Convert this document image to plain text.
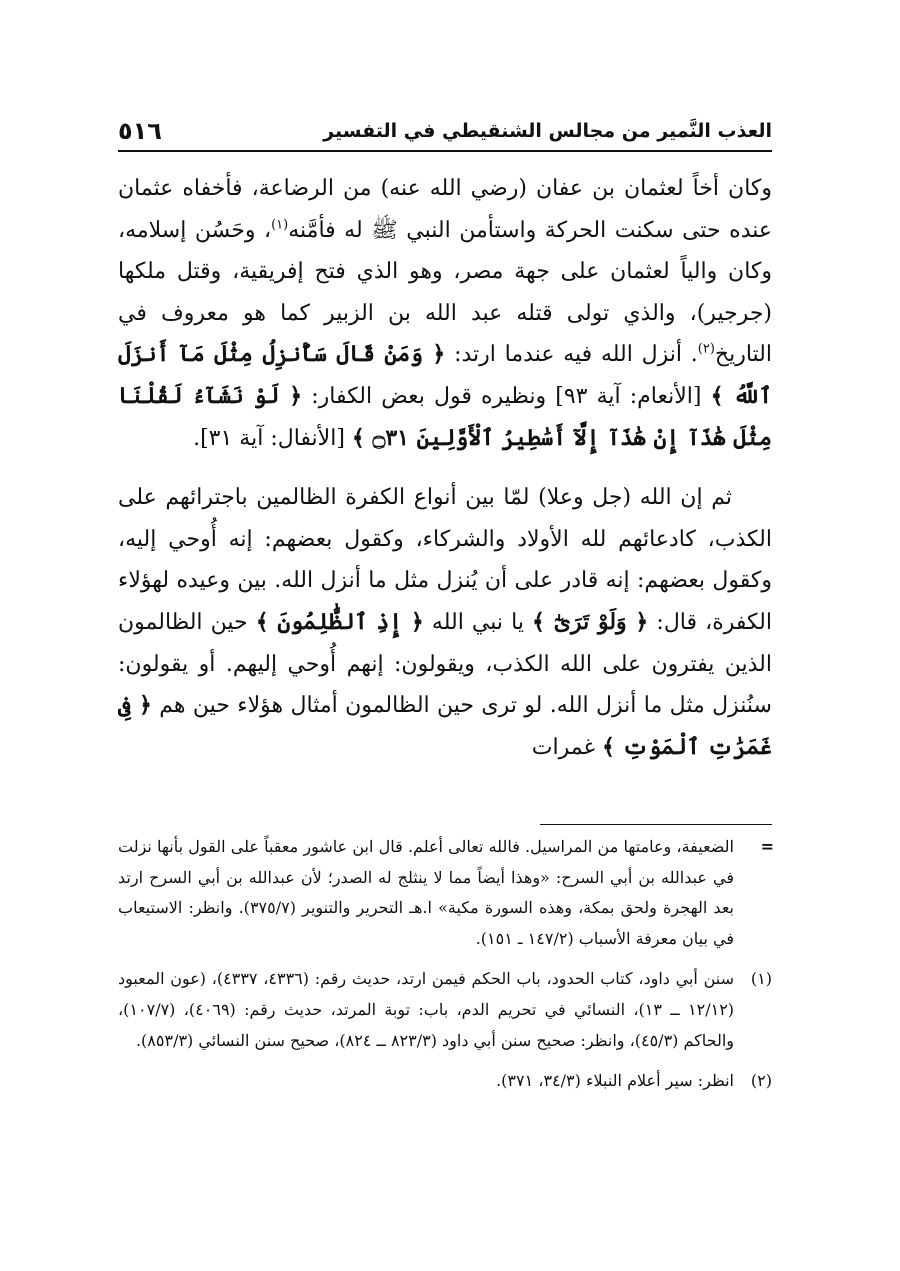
٥١٦	العذب النَّمير من مجالس الشنقيطي في التفسير

وكان أخاً لعثمان بن عفان (رضي الله عنه) من الرضاعة، فأخفاه عثمان عنده حتى سكنت الحركة واستأمن النبي ﷺ له فأمَّنه$^{(١)}$، وحَسُن إسلامه، وكان والياً لعثمان على جهة مصر، وهو الذي فتح إفريقية، وقتل ملكها (جرجير)، والذي تولى قتله عبد الله بن الزبير كما هو معروف في التاريخ$^{(٢)}$. أنزل الله فيه عندما ارتد: ﴿ وَمَنْ قَالَ سَأُنزِلُ مِثْلَ مَآ أَنزَلَ ٱللَّهُ ﴾ [الأنعام: آية ٩٣] ونظيره قول بعض الكفار: ﴿ لَوْ نَشَآءُ لَقُلْنَا مِثْلَ هَٰذَآ إِنْ هَٰذَآ إِلَّآ أَسَٰطِيرُ ٱلْأَوَّلِينَ ۝٣١ ﴾ [الأنفال: آية ٣١].

ثم إن الله (جل وعلا) لمّا بين أنواع الكفرة الظالمين باجترائهم على الكذب، كادعائهم لله الأولاد والشركاء، وكقول بعضهم: إنه أُوحي إليه، وكقول بعضهم: إنه قادر على أن يُنزل مثل ما أنزل الله. بين وعيده لهؤلاء الكفرة، قال: ﴿ وَلَوْ تَرَىٰٓ ﴾ يا نبي الله ﴿ إِذِ ٱلظَّٰلِمُونَ ﴾ حين الظالمون الذين يفترون على الله الكذب، ويقولون: إنهم أُوحي إليهم. أو يقولون: سنُنزل مثل ما أنزل الله. لو ترى حين الظالمون أمثال هؤلاء حين هم ﴿ فِى غَمَرَٰتِ ٱلْمَوْتِ ﴾ غمرات

=
الضعيفة، وعامتها من المراسيل. فالله تعالى أعلم. قال ابن عاشور معقباً على القول بأنها نزلت في عبدالله بن أبي السرح: «وهذا أيضاً مما لا ينثلج له الصدر؛ لأن عبدالله بن أبي السرح ارتد بعد الهجرة ولحق بمكة، وهذه السورة مكية» ا.هـ التحرير والتنوير (٣٧٥/٧). وانظر: الاستيعاب في بيان معرفة الأسباب (١٤٧/٢ ـ ١٥١).

(١)
سنن أبي داود، كتاب الحدود، باب الحكم فيمن ارتد، حديث رقم: (٤٣٣٦، ٤٣٣٧)، (عون المعبود (١٢/١٢ ــ ١٣)، النسائي في تحريم الدم، باب: توبة المرتد، حديث رقم: (٤٠٦٩)، (١٠٧/٧)، والحاكم (٤٥/٣)، وانظر: صحيح سنن أبي داود (٨٢٣/٣ ــ ٨٢٤)، صحيح سنن النسائي (٨٥٣/٣).

(٢)
انظر: سير أعلام النبلاء (٣٤/٣، ٣٧١).
